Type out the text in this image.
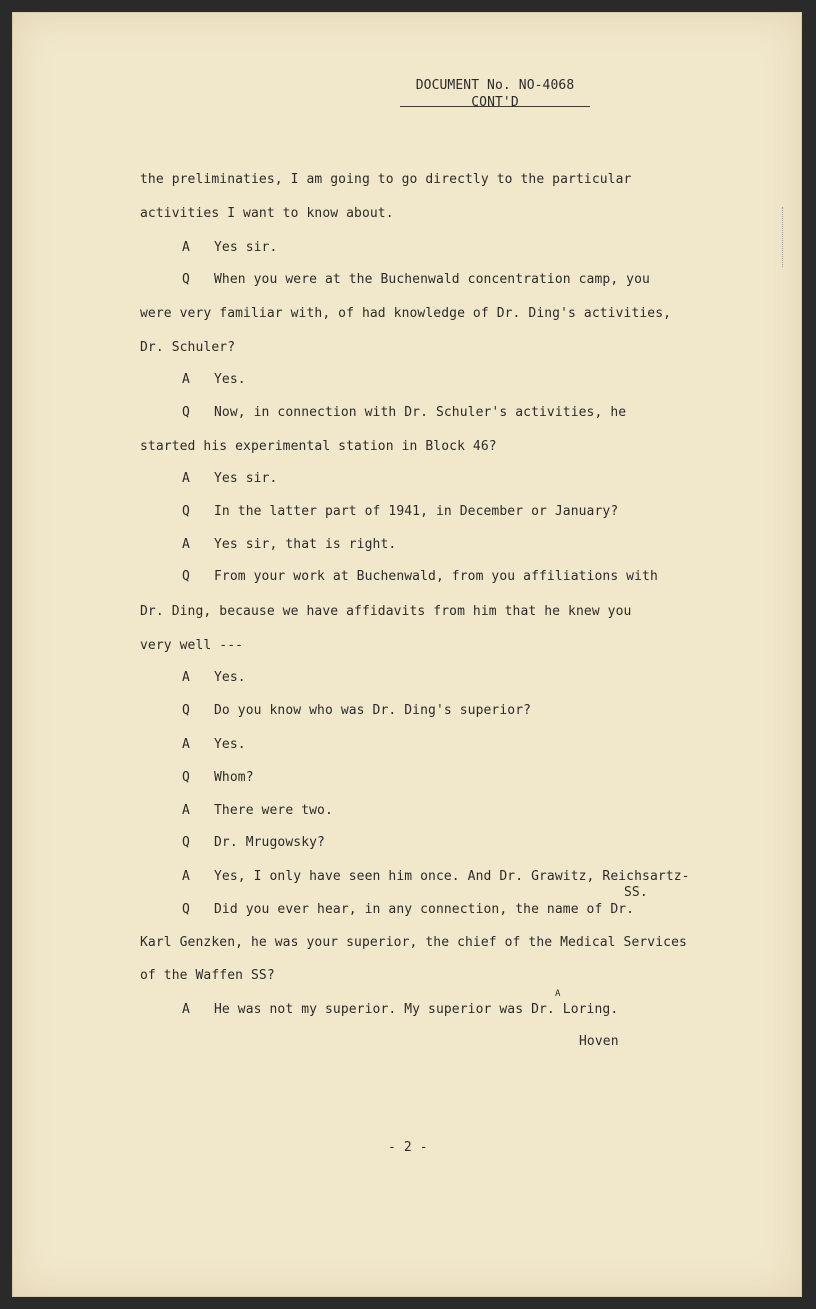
DOCUMENT No. NO-4068
CONT'D

the preliminaties, I am going to go directly to the particular

activities I want to know about.

A Yes sir.
Q When you were at the Buchenwald concentration camp, you

were very familiar with, of had knowledge of Dr. Ding's activities,

Dr. Schuler?

A Yes.
Q Now, in connection with Dr. Schuler's activities, he

started his experimental station in Block 46?

A Yes sir.
Q In the latter part of 1941, in December or January?
A Yes sir, that is right.
Q From your work at Buchenwald, from you affiliations with

Dr. Ding, because we have affidavits from him that he knew you

very well ---

A Yes.
Q Do you know who was Dr. Ding's superior?
A Yes.
Q Whom?
A There were two.
Q Dr. Mrugowsky?
A Yes, I only have seen him once. And Dr. Grawitz, Reichsartz-
SS.
Q Did you ever hear, in any connection, the name of Dr.

Karl Genzken, he was your superior, the chief of the Medical Services

of the Waffen SS?

A
A He was not my superior. My superior was Dr. Loring.
Hoven
- 2 -
